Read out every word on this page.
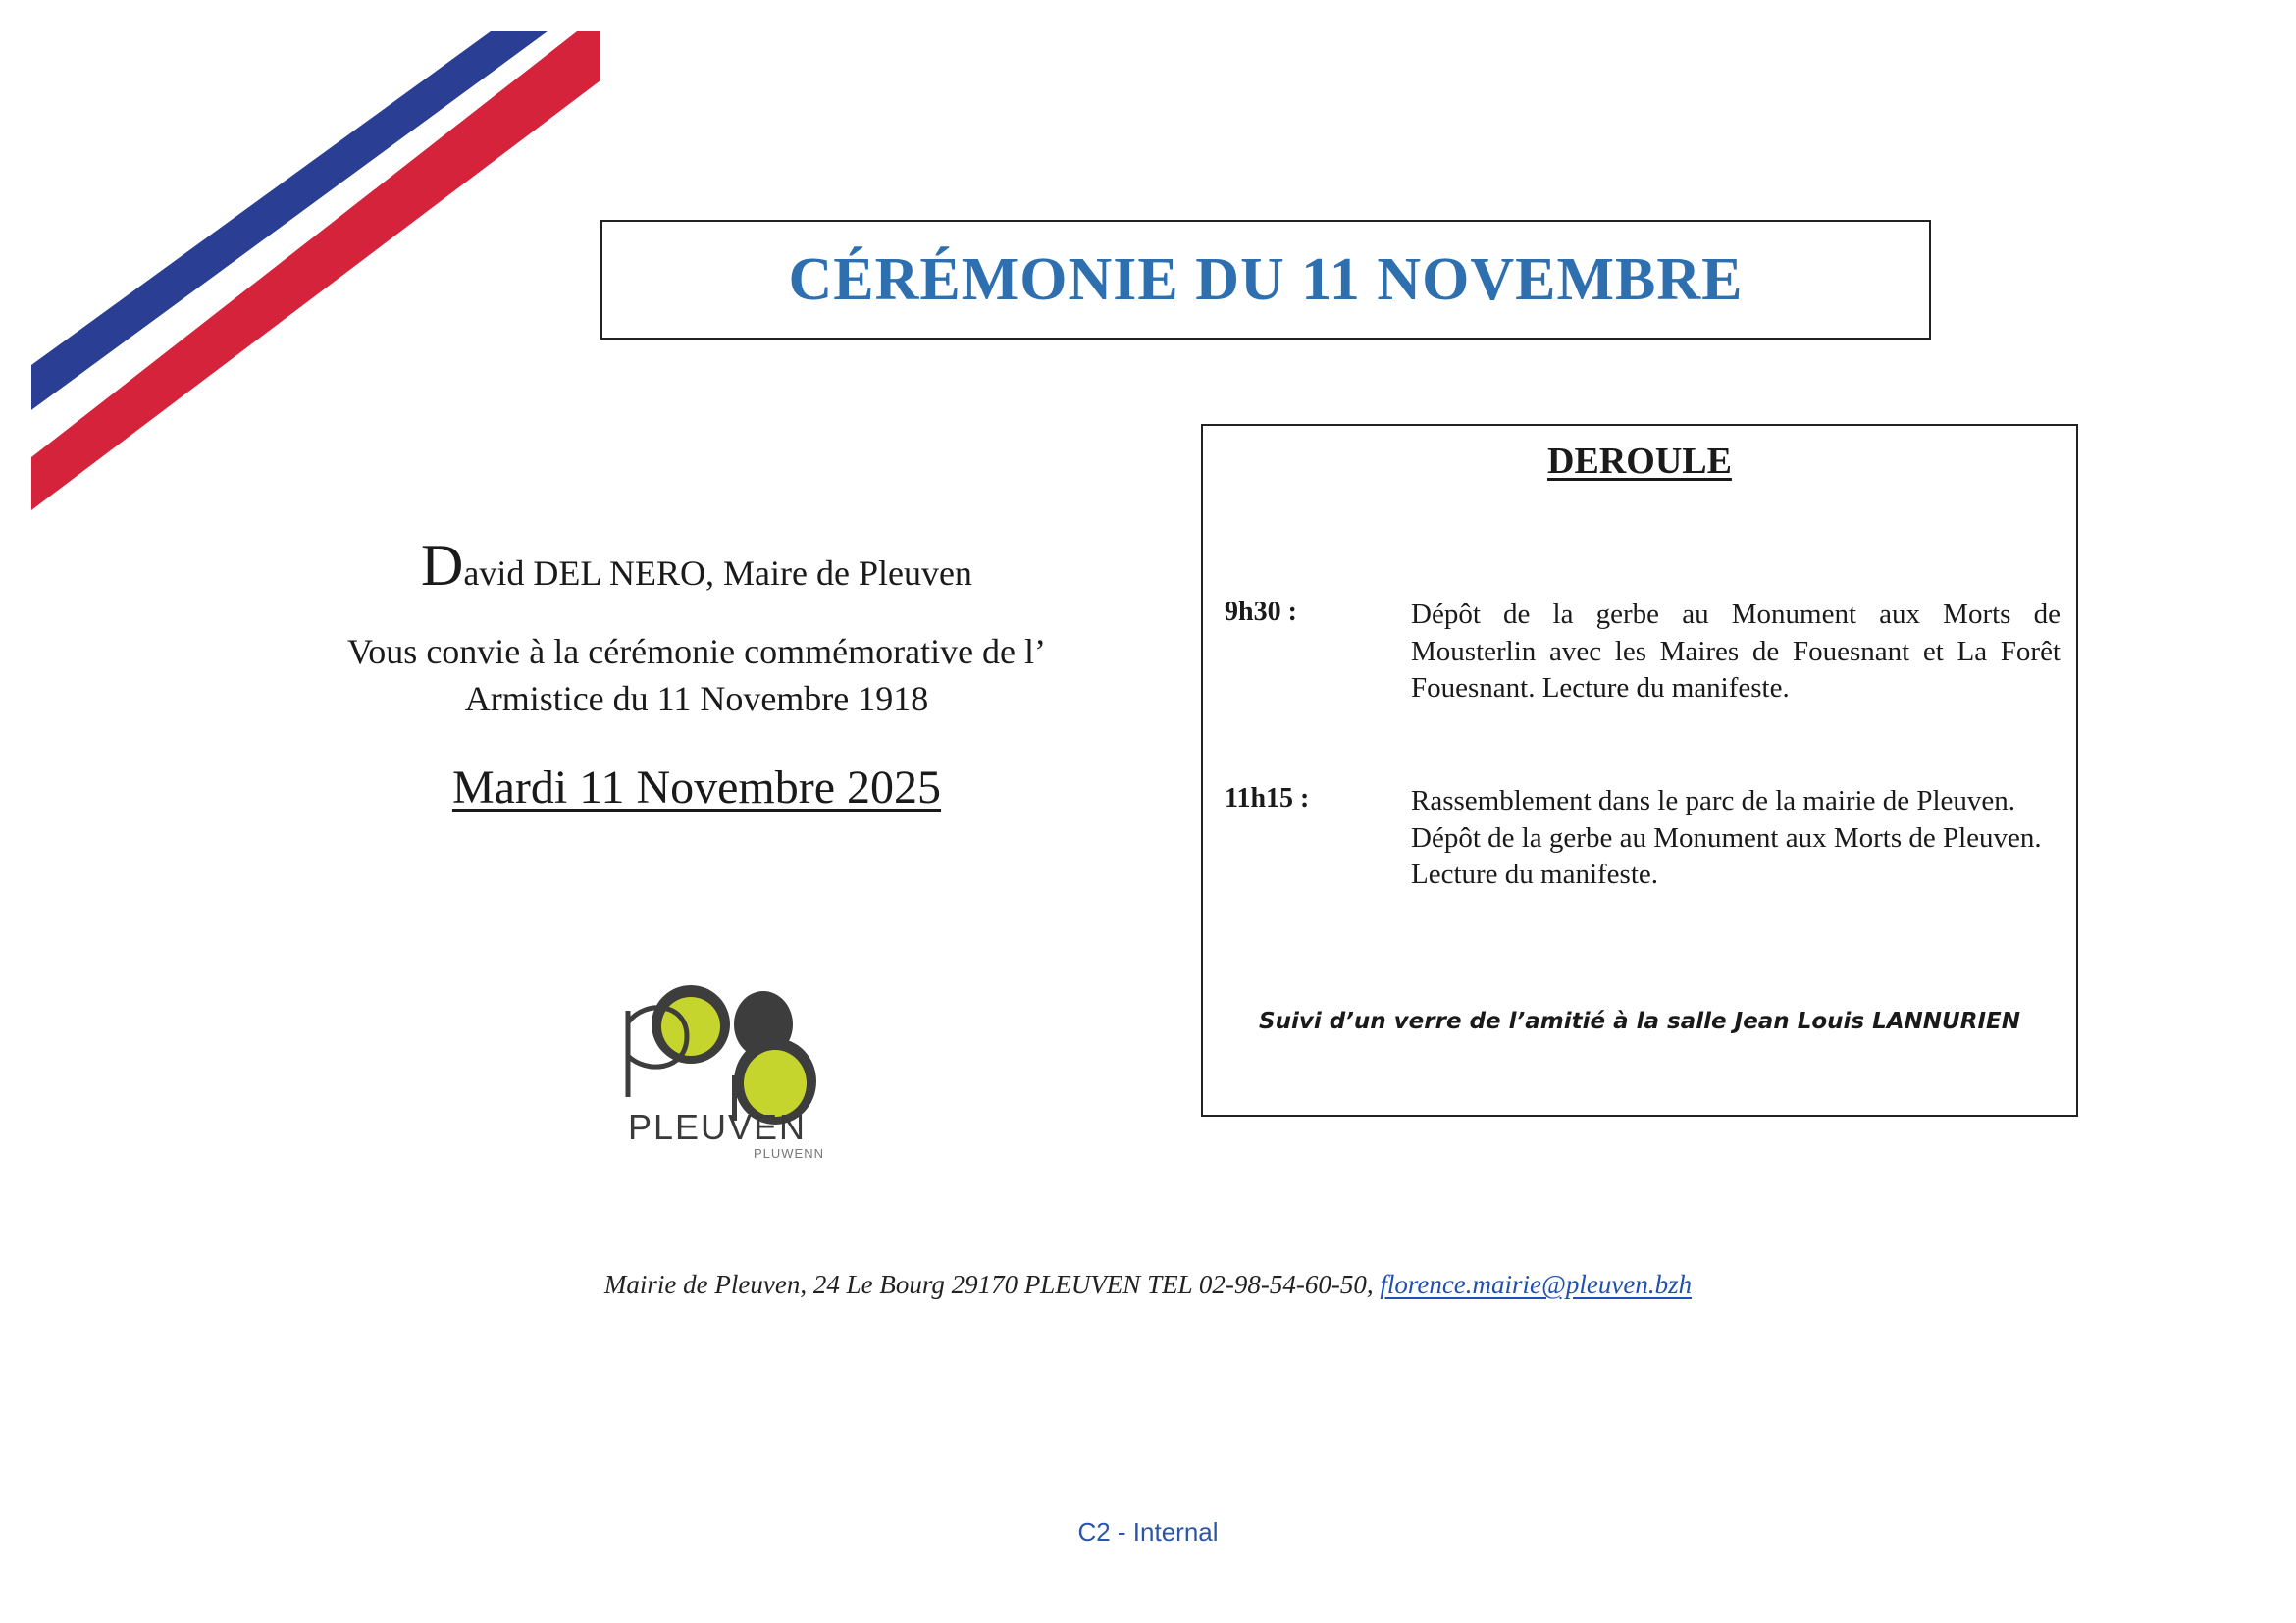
CÉRÉMONIE DU 11 NOVEMBRE
David DEL NERO, Maire de Pleuven
Vous convie à la cérémonie commémorative de l’
Armistice du 11 Novembre 1918
Mardi 11 Novembre 2025
PLEUVEN
PLUWENN
DEROULE
9h30 :	Dépôt de la gerbe au Monument aux Morts de Mousterlin avec les Maires de Fouesnant et La Forêt Fouesnant. Lecture du manifeste.
11h15 :	Rassemblement dans le parc de la mairie de Pleuven.
Dépôt de la gerbe au Monument aux Morts de Pleuven.
Lecture du manifeste.
Suivi d’un verre de l’amitié à la salle Jean Louis LANNURIEN
Mairie de Pleuven, 24 Le Bourg 29170 PLEUVEN TEL 02-98-54-60-50, florence.mairie@pleuven.bzh
C2 - Internal
